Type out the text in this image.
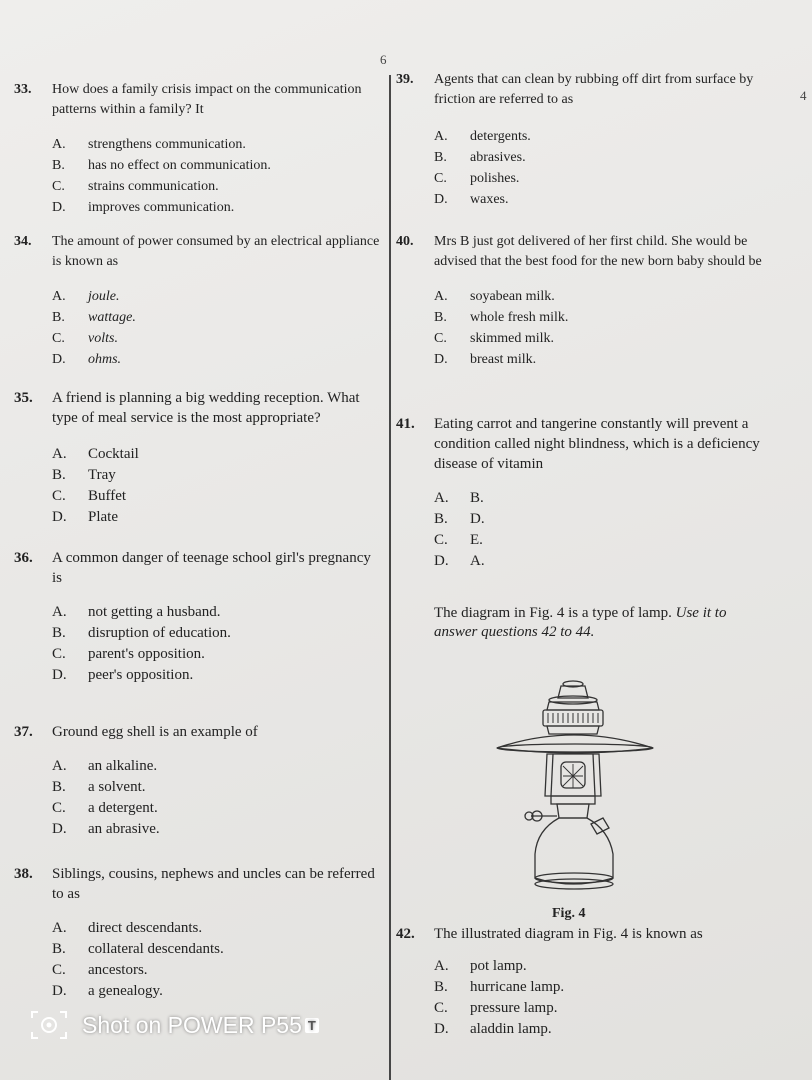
6
4
33.	How does a family crisis impact on the communication patterns within a family? It
A.	strengthens communication.
B.	has no effect on communication.
C.	strains communication.
D.	improves communication.
34.	The amount of power consumed by an electrical appliance is known as
A.	joule.
B.	wattage.
C.	volts.
D.	ohms.
35.	A friend is planning a big wedding reception. What type of meal service is the most appropriate?
A.	Cocktail
B.	Tray
C.	Buffet
D.	Plate
36.	A common danger of teenage school girl's pregnancy is
A.	not getting a husband.
B.	disruption of education.
C.	parent's opposition.
D.	peer's opposition.
37.	Ground egg shell is an example of
A.	an alkaline.
B.	a solvent.
C.	a detergent.
D.	an abrasive.
38.	Siblings, cousins, nephews and uncles can be referred to as
A.	direct descendants.
B.	collateral descendants.
C.	ancestors.
D.	a genealogy.
39.	Agents that can clean by rubbing off dirt from surface by friction are referred to as
A.	detergents.
B.	abrasives.
C.	polishes.
D.	waxes.
40.	Mrs B just got delivered of her first child. She would be advised that the best food for the new born baby should be
A.	soyabean milk.
B.	whole fresh milk.
C.	skimmed milk.
D.	breast milk.
41.	Eating carrot and tangerine constantly will prevent a condition called night blindness, which is a deficiency disease of vitamin
A.	B.
B.	D.
C.	E.
D.	A.
The diagram in Fig. 4 is a type of lamp. Use it to answer questions 42 to 44.
Fig. 4
42.	The illustrated diagram in Fig. 4 is known as
A.	pot lamp.
B.	hurricane lamp.
C.	pressure lamp.
D.	aladdin lamp.
Shot on POWER P55 T
